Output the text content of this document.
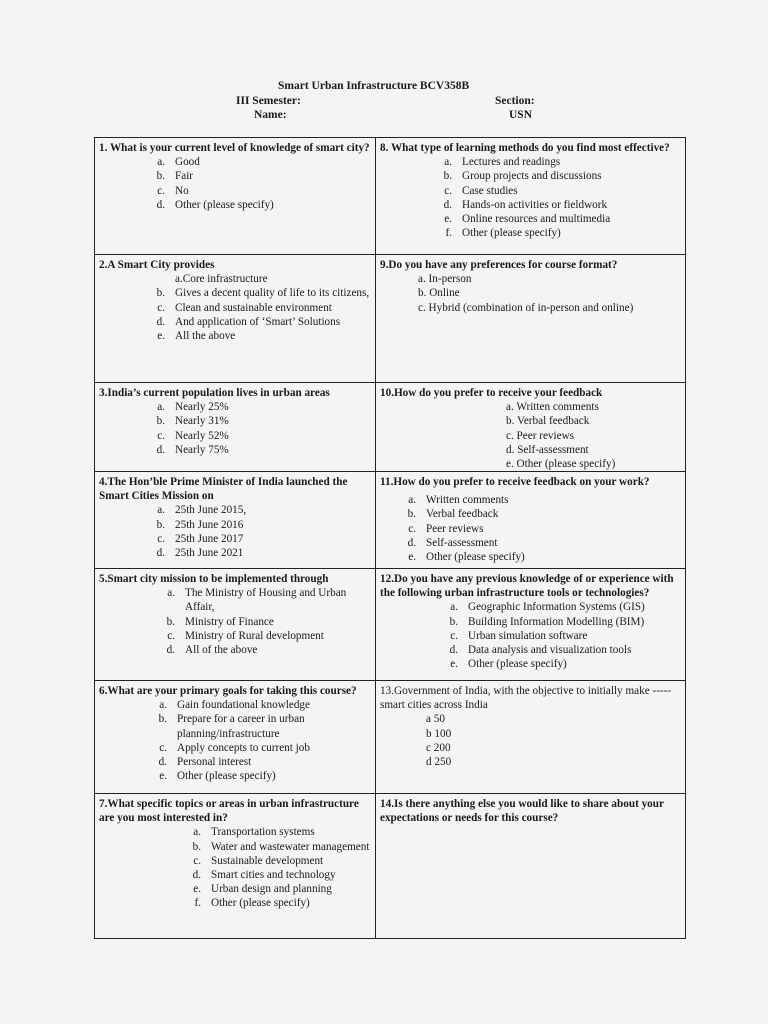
Smart Urban Infrastructure BCV358B
III Semester:	Section:
Name:	USN
1. What is your current level of knowledge of smart city?
a. Good
b. Fair
c. No
d. Other (please specify)
8. What type of learning methods do you find most effective?
a. Lectures and readings
b. Group projects and discussions
c. Case studies
d. Hands-on activities or fieldwork
e. Online resources and multimedia
f. Other (please specify)
2.A Smart City provides
a.Core infrastructure
b. Gives a decent quality of life to its citizens,
c. Clean and sustainable environment
d. And application of ‘Smart’ Solutions
e. All the above
9.Do you have any preferences for course format?
a. In-person
b. Online
c. Hybrid (combination of in-person and online)
3.India’s current population lives in urban areas
a. Nearly 25%
b. Nearly 31%
c. Nearly 52%
d. Nearly 75%
10.How do you prefer to receive your feedback
a. Written comments
b. Verbal feedback
c. Peer reviews
d. Self-assessment
e. Other (please specify)
4.The Hon’ble Prime Minister of India launched the Smart Cities Mission on
a. 25th June 2015,
b. 25th June 2016
c. 25th June 2017
d. 25th June 2021
11.How do you prefer to receive feedback on your work?
a. Written comments
b. Verbal feedback
c. Peer reviews
d. Self-assessment
e. Other (please specify)
5.Smart city mission to be implemented through
a. The Ministry of Housing and Urban Affair,
b. Ministry of Finance
c. Ministry of Rural development
d. All of the above
12.Do you have any previous knowledge of or experience with the following urban infrastructure tools or technologies?
a. Geographic Information Systems (GIS)
b. Building Information Modelling (BIM)
c. Urban simulation software
d. Data analysis and visualization tools
e. Other (please specify)
6.What are your primary goals for taking this course?
a. Gain foundational knowledge
b. Prepare for a career in urban planning/infrastructure
c. Apply concepts to current job
d. Personal interest
e. Other (please specify)
13.Government of India, with the objective to initially make ----- smart cities across India
a 50
b 100
c 200
d 250
7.What specific topics or areas in urban infrastructure are you most interested in?
a. Transportation systems
b. Water and wastewater management
c. Sustainable development
d. Smart cities and technology
e. Urban design and planning
f. Other (please specify)
14.Is there anything else you would like to share about your expectations or needs for this course?
